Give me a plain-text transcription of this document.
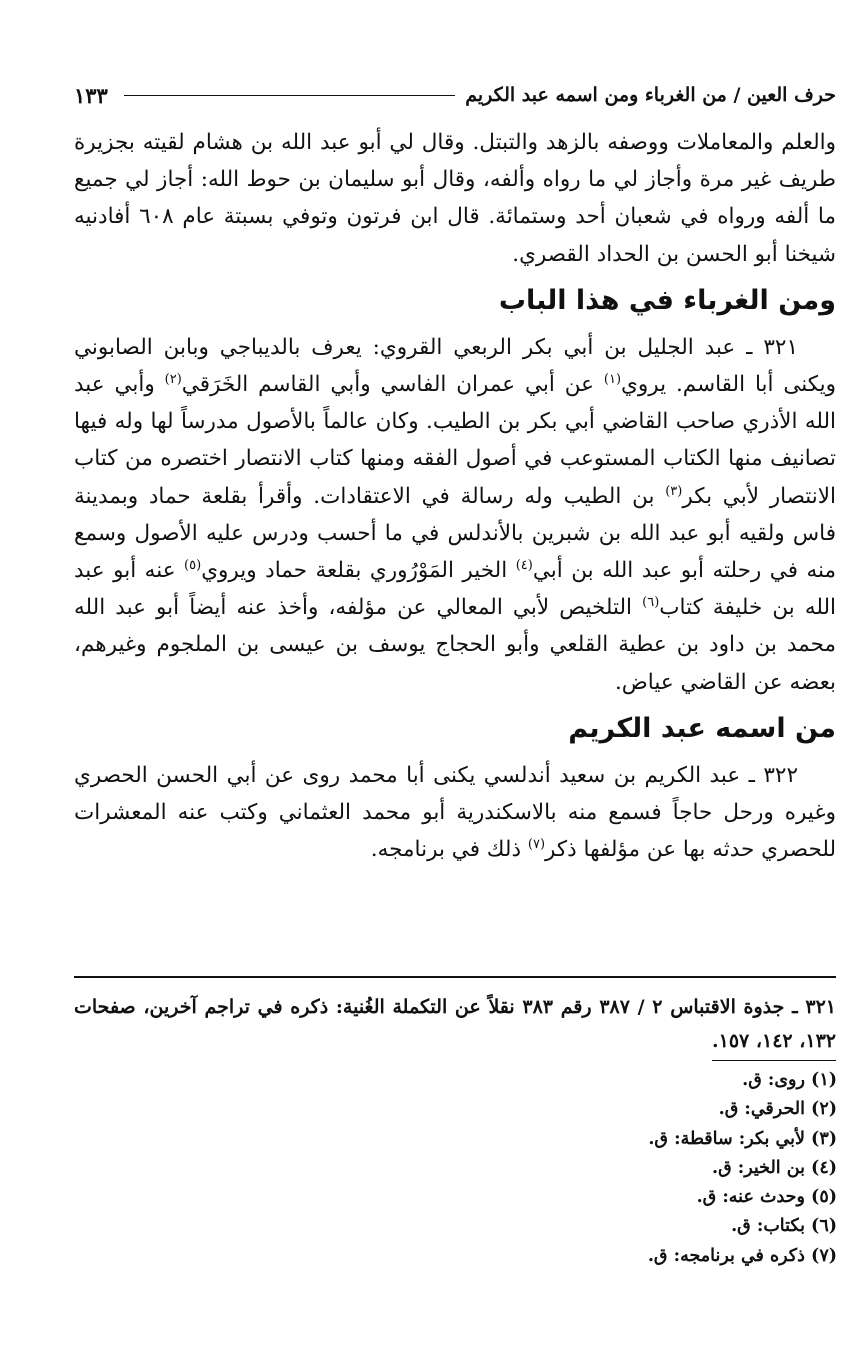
حرف العين / من الغرباء ومن اسمه عبد الكريم
١٣٣

والعلم والمعاملات ووصفه بالزهد والتبتل. وقال لي أبو عبد الله بن هشام لقيته بجزيرة طريف غير مرة وأجاز لي ما رواه وألفه، وقال أبو سليمان بن حوط الله: أجاز لي جميع ما ألفه ورواه في شعبان أحد وستمائة. قال ابن فرتون وتوفي بسبتة عام ٦٠٨ أفادنيه شيخنا أبو الحسن بن الحداد القصري.

ومن الغرباء في هذا الباب

٣٢١ ـ عبد الجليل بن أبي بكر الربعي القروي: يعرف بالديباجي وبابن الصابوني ويكنى أبا القاسم. يروي$^{(١)}$ عن أبي عمران الفاسي وأبي القاسم الخَرَقي$^{(٢)}$ وأبي عبد الله الأذري صاحب القاضي أبي بكر بن الطيب. وكان عالماً بالأصول مدرساً لها وله فيها تصانيف منها الكتاب المستوعب في أصول الفقه ومنها كتاب الانتصار اختصره من كتاب الانتصار لأبي بكر$^{(٣)}$ بن الطيب وله رسالة في الاعتقادات. وأقرأ بقلعة حماد وبمدينة فاس ولقيه أبو عبد الله بن شبرين بالأندلس في ما أحسب ودرس عليه الأصول وسمع منه في رحلته أبو عبد الله بن أبي$^{(٤)}$ الخير المَوْرُوري بقلعة حماد ويروي$^{(٥)}$ عنه أبو عبد الله بن خليفة كتاب$^{(٦)}$ التلخيص لأبي المعالي عن مؤلفه، وأخذ عنه أيضاً أبو عبد الله محمد بن داود بن عطية القلعي وأبو الحجاج يوسف بن عيسى بن الملجوم وغيرهم، بعضه عن القاضي عياض.

من اسمه عبد الكريم

٣٢٢ ـ عبد الكريم بن سعيد أندلسي يكنى أبا محمد روى عن أبي الحسن الحصري وغيره ورحل حاجاً فسمع منه بالاسكندرية أبو محمد العثماني وكتب عنه المعشرات للحصري حدثه بها عن مؤلفها ذكر$^{(٧)}$ ذلك في برنامجه.

٣٢١ ـ جذوة الاقتباس ٢ / ٣٨٧ رقم ٣٨٣ نقلاً عن التكملة الغُنية: ذكره في تراجم آخرين، صفحات ١٣٢، ١٤٢، ١٥٧.
(١) روى: ق.
(٢) الحرقي: ق.
(٣) لأبي بكر: ساقطة: ق.
(٤) بن الخير: ق.
(٥) وحدث عنه: ق.
(٦) بكتاب: ق.
(٧) ذكره في برنامجه: ق.
